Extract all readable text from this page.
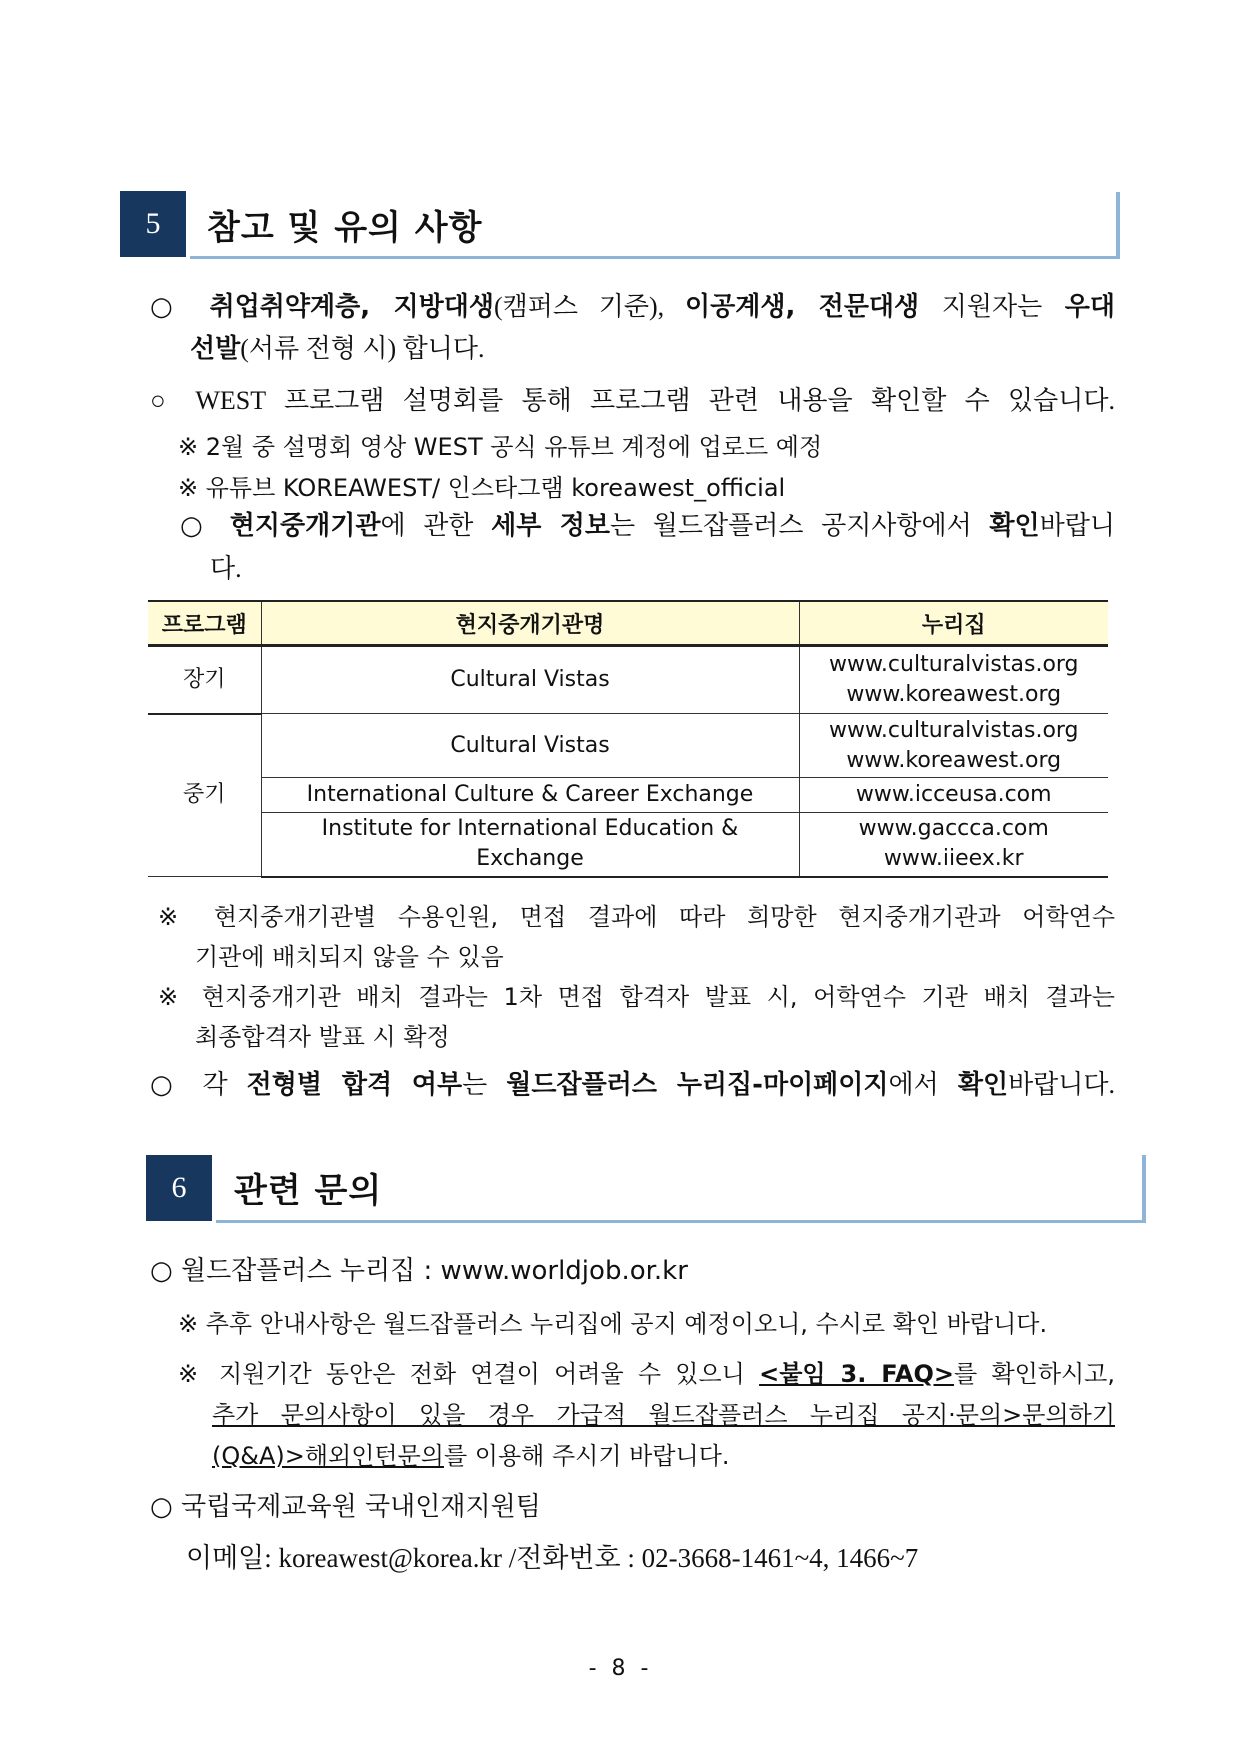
5	참고 및 유의 사항
○ 취업취약계층, 지방대생(캠퍼스 기준), 이공계생, 전문대생 지원자는 우대
선발(서류 전형 시) 합니다.
○ WEST 프로그램 설명회를 통해 프로그램 관련 내용을 확인할 수 있습니다.
※ 2월 중 설명회 영상 WEST 공식 유튜브 계정에 업로드 예정
※ 유튜브 KOREAWEST/ 인스타그램 koreawest_official
○ 현지중개기관에 관한 세부 정보는 월드잡플러스 공지사항에서 확인바랍니
다.
프로그램	현지중개기관명	누리집
장기	Cultural Vistas	www.culturalvistas.org
www.koreawest.org

중기	Cultural Vistas	www.culturalvistas.org
www.koreawest.org

	International Culture & Career Exchange	www.icceusa.com

	Institute for International Education & Exchange	www.gaccca.com
www.iieex.kr
※ 현지중개기관별 수용인원, 면접 결과에 따라 희망한 현지중개기관과 어학연수
기관에 배치되지 않을 수 있음
※ 현지중개기관 배치 결과는 1차 면접 합격자 발표 시, 어학연수 기관 배치 결과는
최종합격자 발표 시 확정
○ 각 전형별 합격 여부는 월드잡플러스 누리집-마이페이지에서 확인바랍니다.
6	관련 문의
○ 월드잡플러스 누리집 : www.worldjob.or.kr
※ 추후 안내사항은 월드잡플러스 누리집에 공지 예정이오니, 수시로 확인 바랍니다.
※ 지원기간 동안은 전화 연결이 어려울 수 있으니 <붙임 3. FAQ>를 확인하시고,
추가 문의사항이 있을 경우 가급적 월드잡플러스 누리집 공지·문의>문의하기
(Q&A)>해외인턴문의를 이용해 주시기 바랍니다.
○ 국립국제교육원 국내인재지원팀
이메일: koreawest@korea.kr /전화번호 : 02-3668-1461~4, 1466~7
- 8 -
